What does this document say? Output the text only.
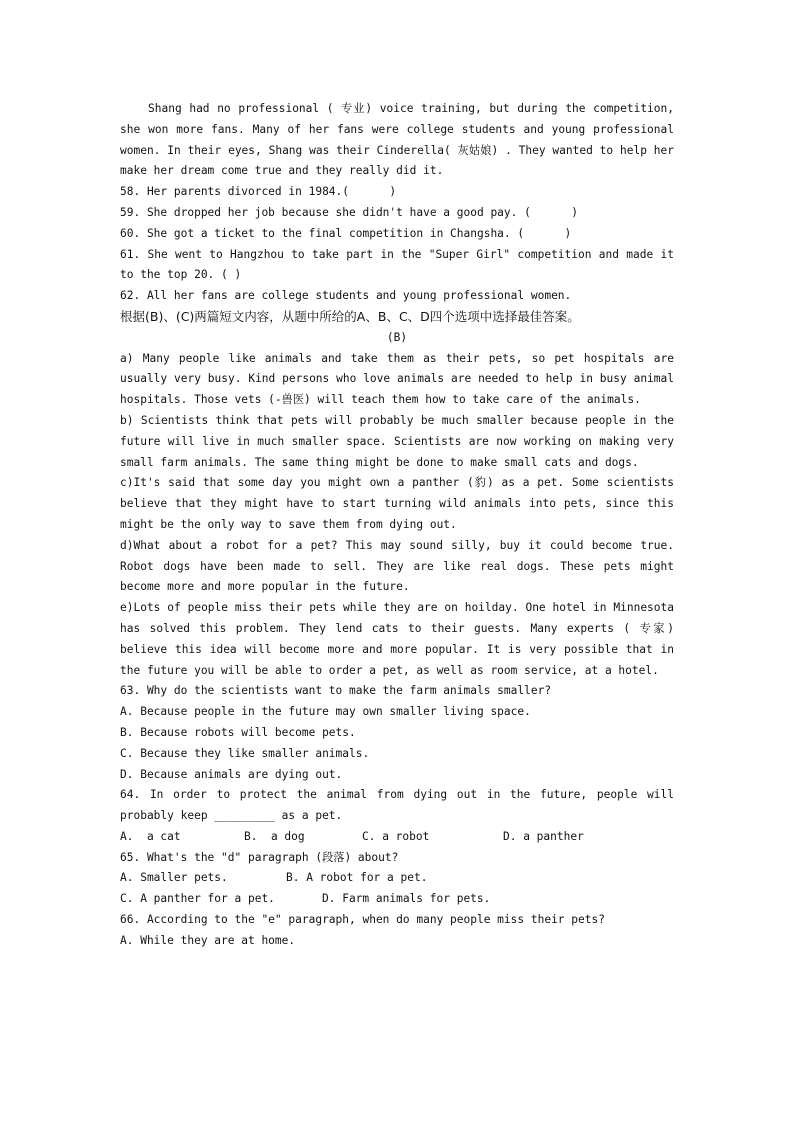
Shang had no professional ( 专业) voice training, but during the competition, she won more fans. Many of her fans were college students and young professional women. In their eyes, Shang was their Cinderella( 灰姑娘) . They wanted to help her make her dream come true and they really did it.

58. Her parents divorced in 1984.(      )

59. She dropped her job because she didn't have a good pay. (      )

60. She got a ticket to the final competition in Changsha. (      )

61. She went to Hangzhou to take part in the "Super Girl" competition and made it to the top 20. ( )

62. All her fans are college students and young professional women.

根据(B)、(C)两篇短文内容，从题中所给的A、B、C、D四个选项中选择最佳答案。

(B)

a) Many people like animals and take them as their pets, so pet hospitals are usually very busy. Kind persons who love animals are needed to help in busy animal hospitals. Those vets (-兽医) will teach them how to take care of the animals.

b) Scientists think that pets will probably be much smaller because people in the future will live in much smaller space. Scientists are now working on making very small farm animals. The same thing might be done to make small cats and dogs.

c)It's said that some day you might own a panther (豹) as a pet. Some scientists believe that they might have to start turning wild animals into pets, since this might be the only way to save them from dying out.

d)What about a robot for a pet? This may sound silly, buy it could become true. Robot dogs have been made to sell. They are like real dogs. These pets might become more and more popular in the future.

e)Lots of people miss their pets while they are on hoilday. One hotel in Minnesota has solved this problem. They lend cats to their guests. Many experts ( 专家) believe this idea will become more and more popular. It is very possible that in the future you will be able to order a pet, as well as room service, at a hotel.

63. Why do the scientists want to make the farm animals smaller?

A. Because people in the future may own smaller living space.

B. Because robots will become pets.

C. Because they like smaller animals.

D. Because animals are dying out.

64. In order to protect the animal from dying out in the future, people will probably keep _________ as a pet.

A.  a cat	B.  a dog	C. a robot	D. a panther

65. What's the "d" paragraph (段落) about?

A. Smaller pets.	B. A robot for a pet.
C. A panther for a pet.	D. Farm animals for pets.

66. According to the "e" paragraph, when do many people miss their pets?

A. While they are at home.
